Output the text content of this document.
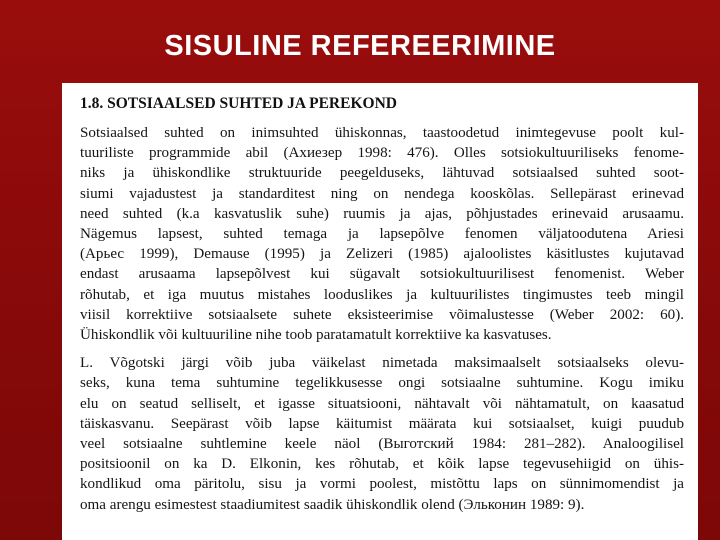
SISULINE REFEREERIMINE
1.8. SOTSIAALSED SUHTED JA PEREKOND
Sotsiaalsed suhted on inimsuhted ühiskonnas, taastoodetud inimtegevuse poolt kul-
tuuriliste programmide abil (Ахиезер 1998: 476). Olles sotsiokultuuriliseks fenome-
niks ja ühiskondlike struktuuride peegelduseks, lähtuvad sotsiaalsed suhted soot-
siumi vajadustest ja standarditest ning on nendega kooskõlas. Sellepärast erinevad
need suhted (k.a kasvatuslik suhe) ruumis ja ajas, põhjustades erinevaid arusaamu.
Nägemus lapsest, suhted temaga ja lapsepõlve fenomen väljatoodutena Ariesi
(Арьес 1999), Demause (1995) ja Zelizeri (1985) ajaloolistes käsitlustes kujutavad
endast arusaama lapsepõlvest kui sügavalt sotsiokultuurilisest fenomenist. Weber
rõhutab, et iga muutus mistahes looduslikes ja kultuurilistes tingimustes teeb mingil
viisil korrektiive sotsiaalsete suhete eksisteerimise võimalustesse (Weber 2002: 60).
Ühiskondlik või kultuuriline nihe toob paratamatult korrektiive ka kasvatuses.
L. Võgotski järgi võib juba väikelast nimetada maksimaalselt sotsiaalseks olevu-
seks, kuna tema suhtumine tegelikkusesse ongi sotsiaalne suhtumine. Kogu imiku
elu on seatud selliselt, et igasse situatsiooni, nähtavalt või nähtamatult, on kaasatud
täiskasvanu. Seepärast võib lapse käitumist määrata kui sotsiaalset, kuigi puudub
veel sotsiaalne suhtlemine keele näol (Выготский 1984: 281–282). Analoogilisel
positsioonil on ka D. Elkonin, kes rõhutab, et kõik lapse tegevusehiigid on ühis-
kondlikud oma päritolu, sisu ja vormi poolest, mistõttu laps on sünnimomendist ja
oma arengu esimestest staadiumitest saadik ühiskondlik olend (Эльконин 1989: 9).
